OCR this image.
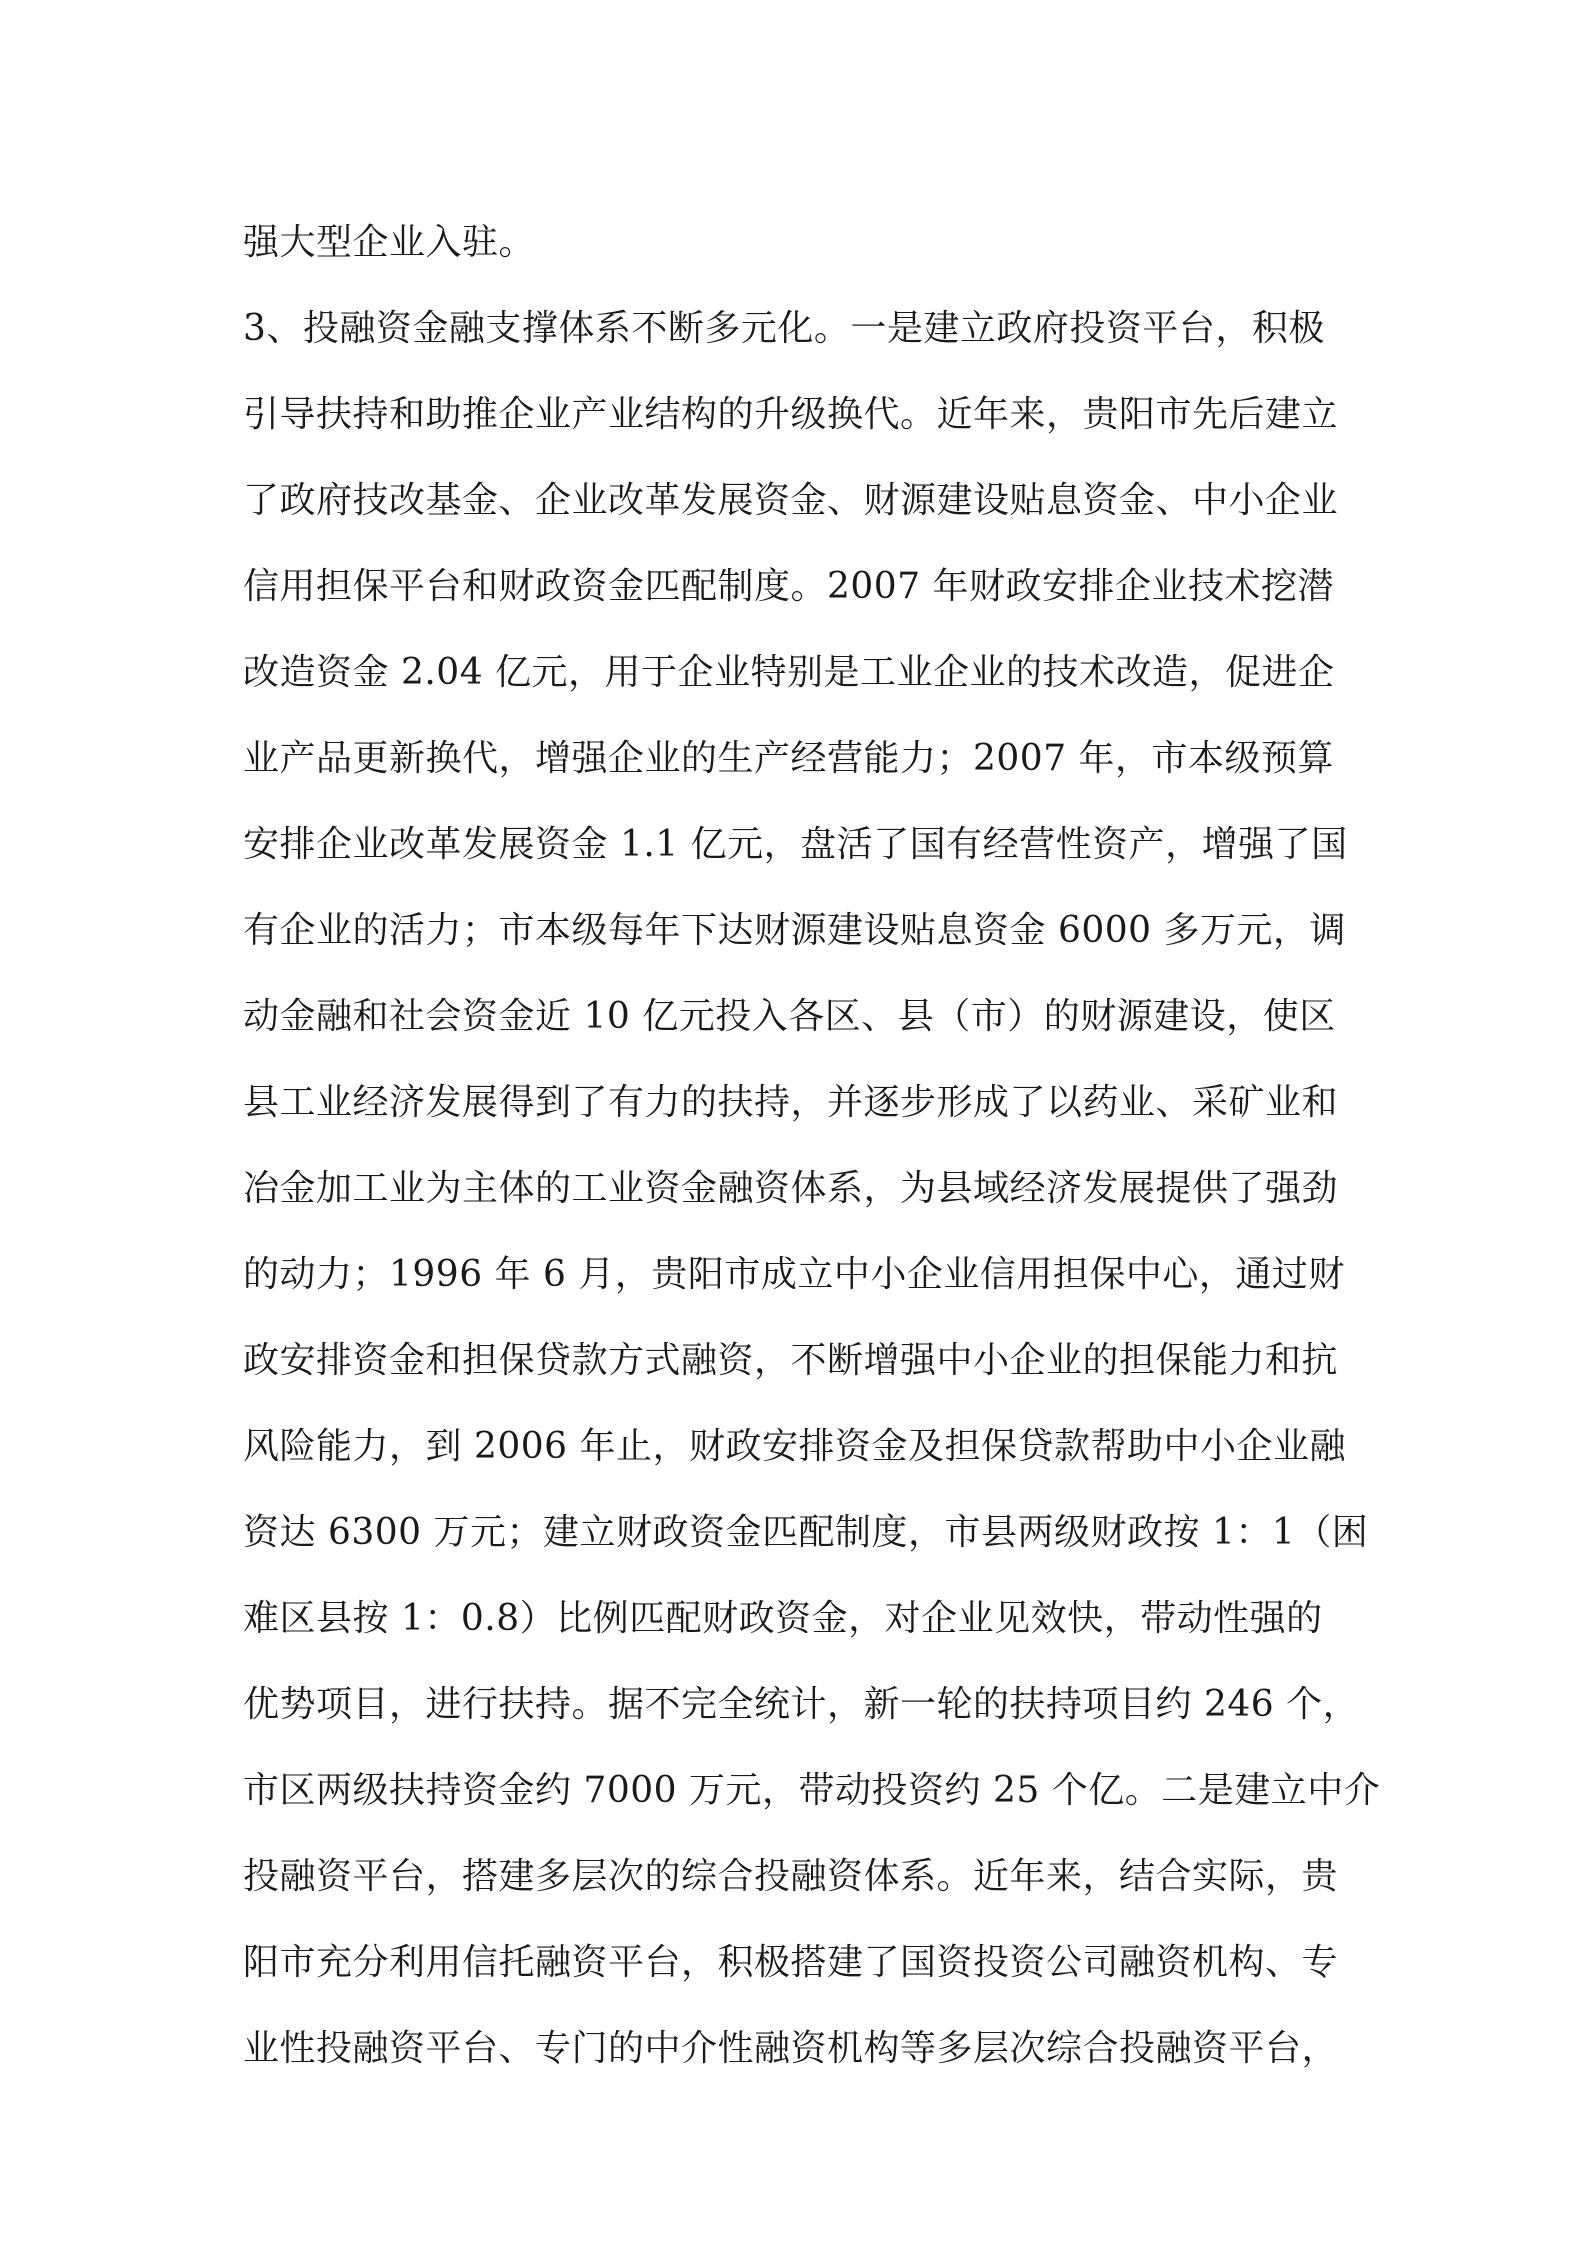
强大型企业入驻。
3、投融资金融支撑体系不断多元化。一是建立政府投资平台，积极
引导扶持和助推企业产业结构的升级换代。近年来，贵阳市先后建立
了政府技改基金、企业改革发展资金、财源建设贴息资金、中小企业
信用担保平台和财政资金匹配制度。2007 年财政安排企业技术挖潜
改造资金 2.04 亿元，用于企业特别是工业企业的技术改造，促进企
业产品更新换代，增强企业的生产经营能力；2007 年，市本级预算
安排企业改革发展资金 1.1 亿元，盘活了国有经营性资产，增强了国
有企业的活力；市本级每年下达财源建设贴息资金 6000 多万元，调
动金融和社会资金近 10 亿元投入各区、县（市）的财源建设，使区
县工业经济发展得到了有力的扶持，并逐步形成了以药业、采矿业和
冶金加工业为主体的工业资金融资体系，为县域经济发展提供了强劲
的动力；1996 年 6 月，贵阳市成立中小企业信用担保中心，通过财
政安排资金和担保贷款方式融资，不断增强中小企业的担保能力和抗
风险能力，到 2006 年止，财政安排资金及担保贷款帮助中小企业融
资达 6300 万元；建立财政资金匹配制度，市县两级财政按 1：1（困
难区县按 1：0.8）比例匹配财政资金，对企业见效快，带动性强的
优势项目，进行扶持。据不完全统计，新一轮的扶持项目约 246 个，
市区两级扶持资金约 7000 万元，带动投资约 25 个亿。二是建立中介
投融资平台，搭建多层次的综合投融资体系。近年来，结合实际，贵
阳市充分利用信托融资平台，积极搭建了国资投资公司融资机构、专
业性投融资平台、专门的中介性融资机构等多层次综合投融资平台，
